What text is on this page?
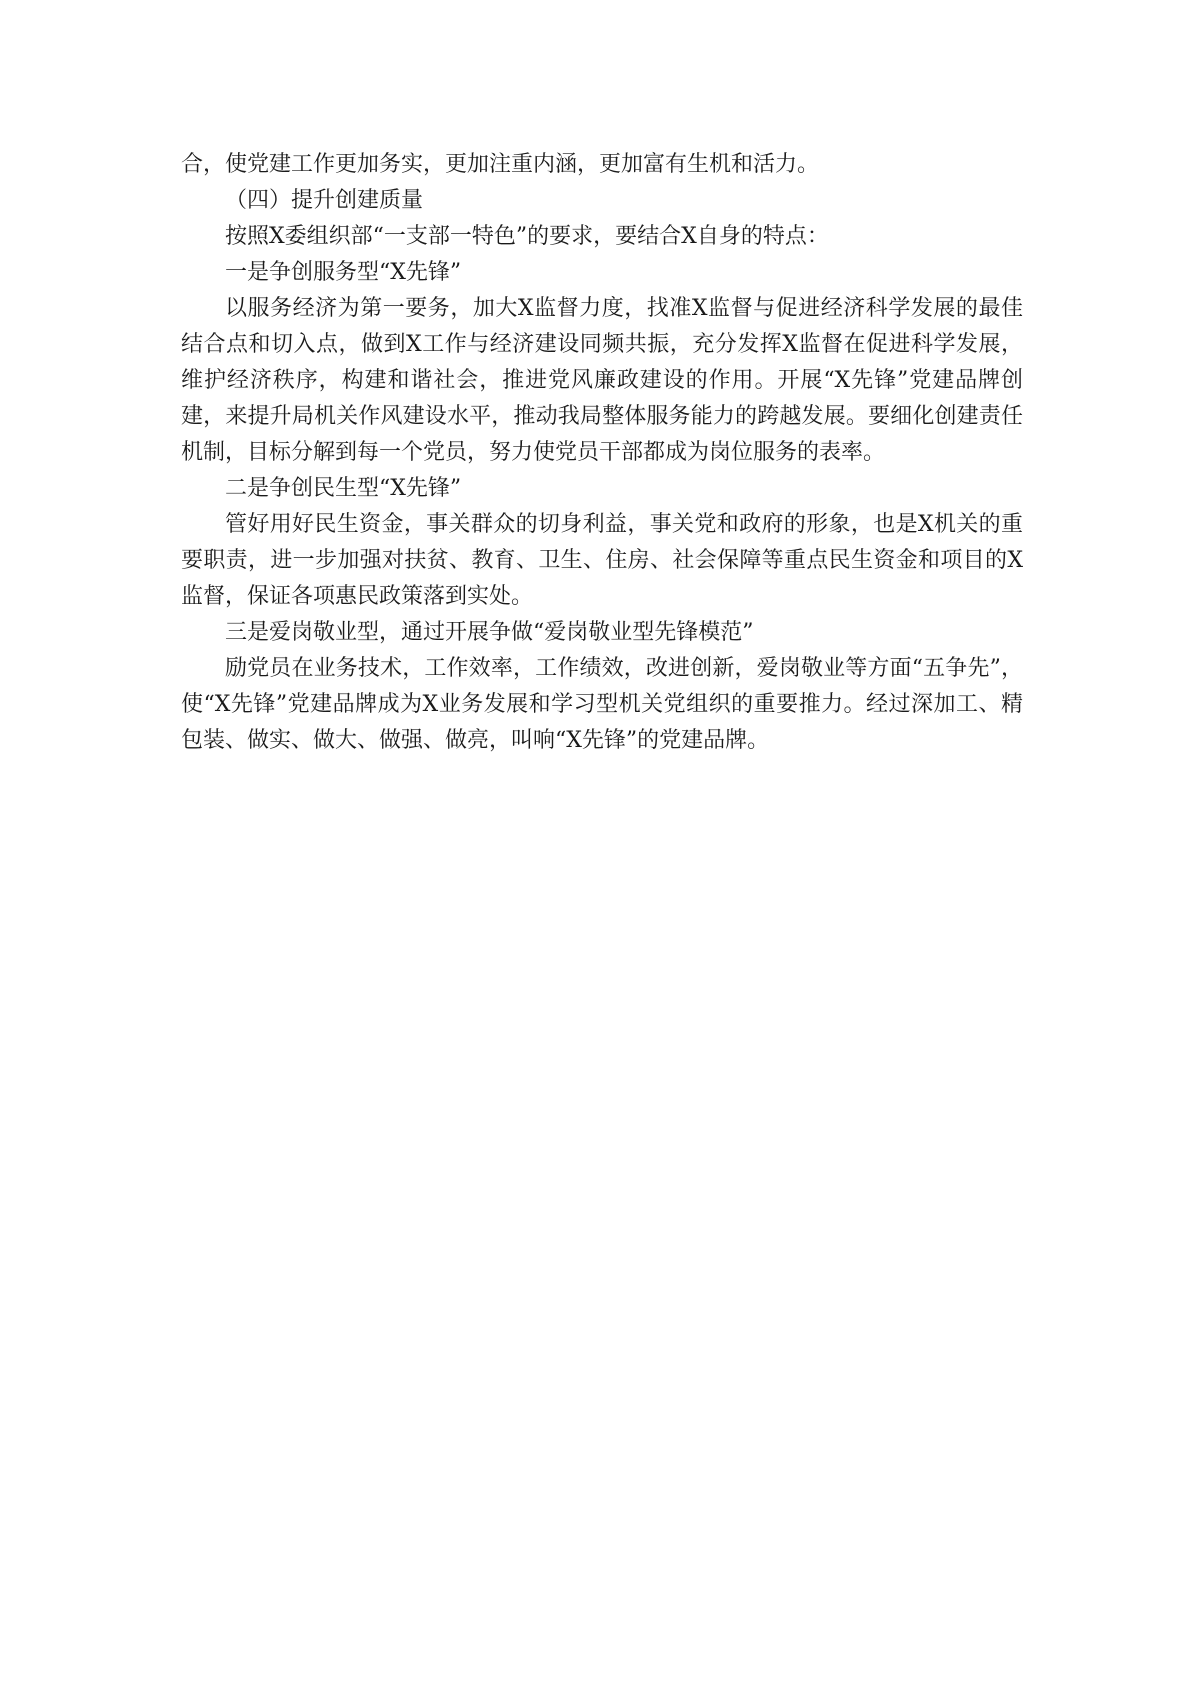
合，使党建工作更加务实，更加注重内涵，更加富有生机和活力。

（四）提升创建质量

按照X委组织部“一支部一特色”的要求，要结合X自身的特点：

一是争创服务型“X先锋”

以服务经济为第一要务，加大X监督力度，找准X监督与促进经济科学发展的最佳结合点和切入点，做到X工作与经济建设同频共振，充分发挥X监督在促进科学发展，维护经济秩序，构建和谐社会，推进党风廉政建设的作用。开展“X先锋”党建品牌创建，来提升局机关作风建设水平，推动我局整体服务能力的跨越发展。要细化创建责任机制，目标分解到每一个党员，努力使党员干部都成为岗位服务的表率。

二是争创民生型“X先锋”

管好用好民生资金，事关群众的切身利益，事关党和政府的形象，也是X机关的重要职责，进一步加强对扶贫、教育、卫生、住房、社会保障等重点民生资金和项目的X监督，保证各项惠民政策落到实处。

三是爱岗敬业型，通过开展争做“爱岗敬业型先锋模范”

励党员在业务技术，工作效率，工作绩效，改进创新，爱岗敬业等方面“五争先”，使“X先锋”党建品牌成为X业务发展和学习型机关党组织的重要推力。经过深加工、精包装、做实、做大、做强、做亮，叫响“X先锋”的党建品牌。
